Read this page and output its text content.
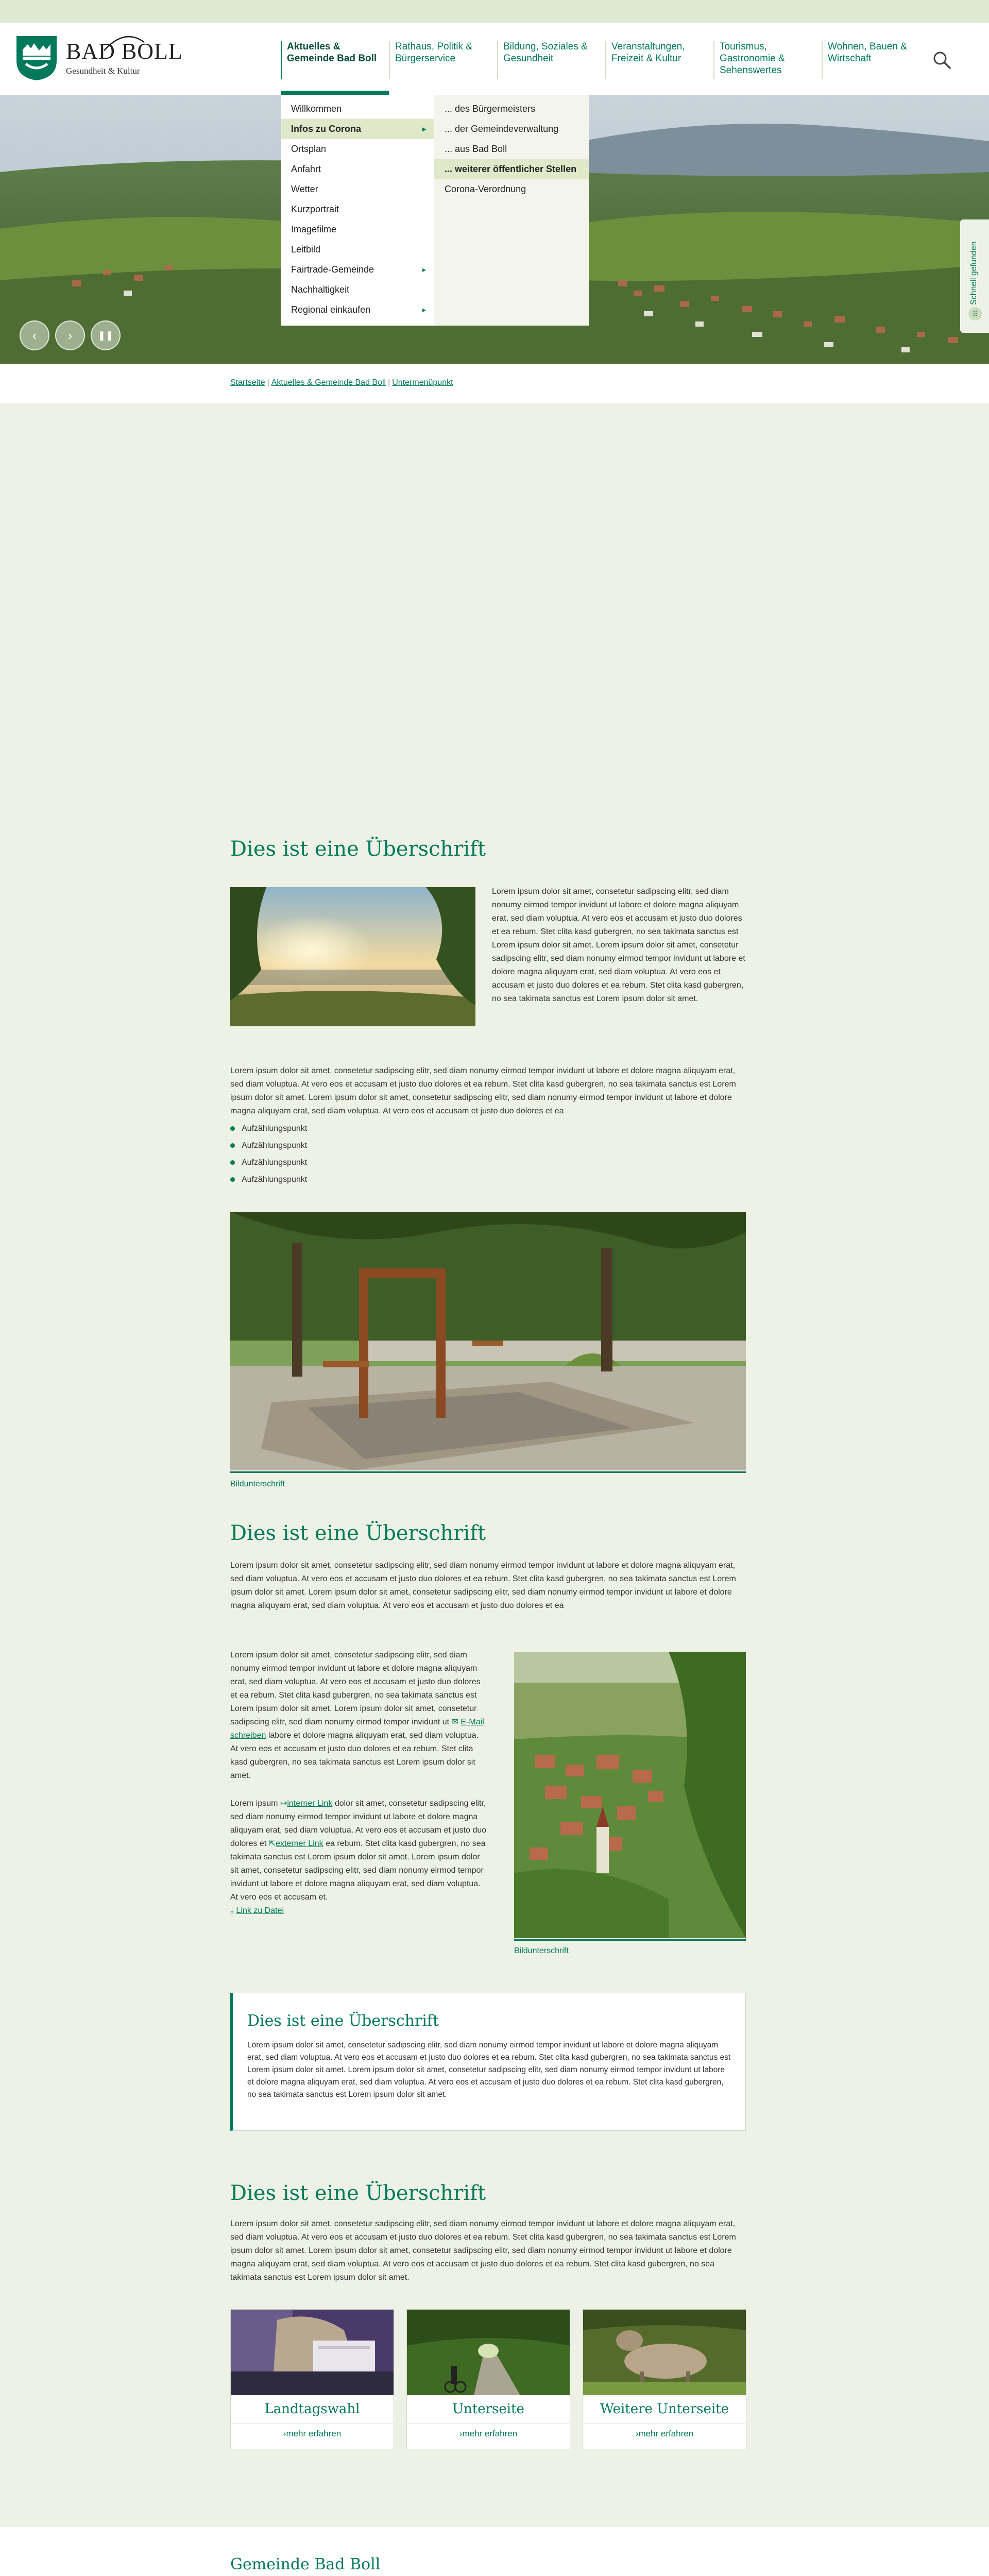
BAD BOLL
Gesundheit & Kultur
Aktuelles & Gemeinde Bad Boll
Rathaus, Politik & Bürgerservice
Bildung, Soziales & Gesundheit
Veranstaltungen, Freizeit & Kultur
Tourismus, Gastronomie & Sehenswertes
Wohnen, Bauen & Wirtschaft
‹ ›	❚❚
Schnell gefunden
⠿
Willkommen
Infos zu Corona	▸
Ortsplan
Anfahrt
Wetter
Kurzportrait
Imagefilme
Leitbild
Fairtrade-Gemeinde	▸
Nachhaltigkeit
Regional einkaufen	▸
... des Bürgermeisters
... der Gemeindeverwaltung
... aus Bad Boll
... weiterer öffentlicher Stellen
Corona-Verordnung
Startseite | Aktuelles & Gemeinde Bad Boll | Untermenüpunkt
Dies ist eine Überschrift

Lorem ipsum dolor sit amet, consetetur sadipscing elitr, sed diam nonumy eirmod tempor invidunt ut labore et dolore magna aliquyam erat, sed diam voluptua. At vero eos et accusam et justo duo dolores et ea rebum. Stet clita kasd gubergren, no sea takimata sanctus est Lorem ipsum dolor sit amet. Lorem ipsum dolor sit amet, consetetur sadipscing elitr, sed diam nonumy eirmod tempor invidunt ut labore et dolore magna aliquyam erat, sed diam voluptua. At vero eos et accusam et justo duo dolores et ea rebum. Stet clita kasd gubergren, no sea takimata sanctus est Lorem ipsum dolor sit amet.

Lorem ipsum dolor sit amet, consetetur sadipscing elitr, sed diam nonumy eirmod tempor invidunt ut labore et dolore magna aliquyam erat, sed diam voluptua. At vero eos et accusam et justo duo dolores et ea rebum. Stet clita kasd gubergren, no sea takimata sanctus est Lorem ipsum dolor sit amet. Lorem ipsum dolor sit amet, consetetur sadipscing elitr, sed diam nonumy eirmod tempor invidunt ut labore et dolore magna aliquyam erat, sed diam voluptua. At vero eos et accusam et justo duo dolores et ea

Aufzählungspunkt
Aufzählungspunkt
Aufzählungspunkt
Aufzählungspunkt
Bildunterschrift
Dies ist eine Überschrift

Lorem ipsum dolor sit amet, consetetur sadipscing elitr, sed diam nonumy eirmod tempor invidunt ut labore et dolore magna aliquyam erat, sed diam voluptua. At vero eos et accusam et justo duo dolores et ea rebum. Stet clita kasd gubergren, no sea takimata sanctus est Lorem ipsum dolor sit amet. Lorem ipsum dolor sit amet, consetetur sadipscing elitr, sed diam nonumy eirmod tempor invidunt ut labore et dolore magna aliquyam erat, sed diam voluptua. At vero eos et accusam et justo duo dolores et ea

Lorem ipsum dolor sit amet, consetetur sadipscing elitr, sed diam nonumy eirmod tempor invidunt ut labore et dolore magna aliquyam erat, sed diam voluptua. At vero eos et accusam et justo duo dolores et ea rebum. Stet clita kasd gubergren, no sea takimata sanctus est Lorem ipsum dolor sit amet. Lorem ipsum dolor sit amet, consetetur sadipscing elitr, sed diam nonumy eirmod tempor invidunt ut ✉ E-Mail schreiben labore et dolore magna aliquyam erat, sed diam voluptua. At vero eos et accusam et justo duo dolores et ea rebum. Stet clita kasd gubergren, no sea takimata sanctus est Lorem ipsum dolor sit amet.
Lorem ipsum ↦interner Link dolor sit amet, consetetur sadipscing elitr, sed diam nonumy eirmod tempor invidunt ut labore et dolore magna aliquyam erat, sed diam voluptua. At vero eos et accusam et justo duo dolores et ⇱externer Link ea rebum. Stet clita kasd gubergren, no sea takimata sanctus est Lorem ipsum dolor sit amet. Lorem ipsum dolor sit amet, consetetur sadipscing elitr, sed diam nonumy eirmod tempor invidunt ut labore et dolore magna aliquyam erat, sed diam voluptua. At vero eos et accusam et.
⤓ Link zu Datei
Bildunterschrift
Dies ist eine Überschrift

Lorem ipsum dolor sit amet, consetetur sadipscing elitr, sed diam nonumy eirmod tempor invidunt ut labore et dolore magna aliquyam erat, sed diam voluptua. At vero eos et accusam et justo duo dolores et ea rebum. Stet clita kasd gubergren, no sea takimata sanctus est Lorem ipsum dolor sit amet. Lorem ipsum dolor sit amet, consetetur sadipscing elitr, sed diam nonumy eirmod tempor invidunt ut labore et dolore magna aliquyam erat, sed diam voluptua. At vero eos et accusam et justo duo dolores et ea rebum. Stet clita kasd gubergren, no sea takimata sanctus est Lorem ipsum dolor sit amet.

Dies ist eine Überschrift

Lorem ipsum dolor sit amet, consetetur sadipscing elitr, sed diam nonumy eirmod tempor invidunt ut labore et dolore magna aliquyam erat, sed diam voluptua. At vero eos et accusam et justo duo dolores et ea rebum. Stet clita kasd gubergren, no sea takimata sanctus est Lorem ipsum dolor sit amet. Lorem ipsum dolor sit amet, consetetur sadipscing elitr, sed diam nonumy eirmod tempor invidunt ut labore et dolore magna aliquyam erat, sed diam voluptua. At vero eos et accusam et justo duo dolores et ea rebum. Stet clita kasd gubergren, no sea takimata sanctus est Lorem ipsum dolor sit amet.

Landtagswahl
›mehr erfahren
Unterseite
›mehr erfahren
Weitere Unterseite
›mehr erfahren
Gemeinde Bad Boll
